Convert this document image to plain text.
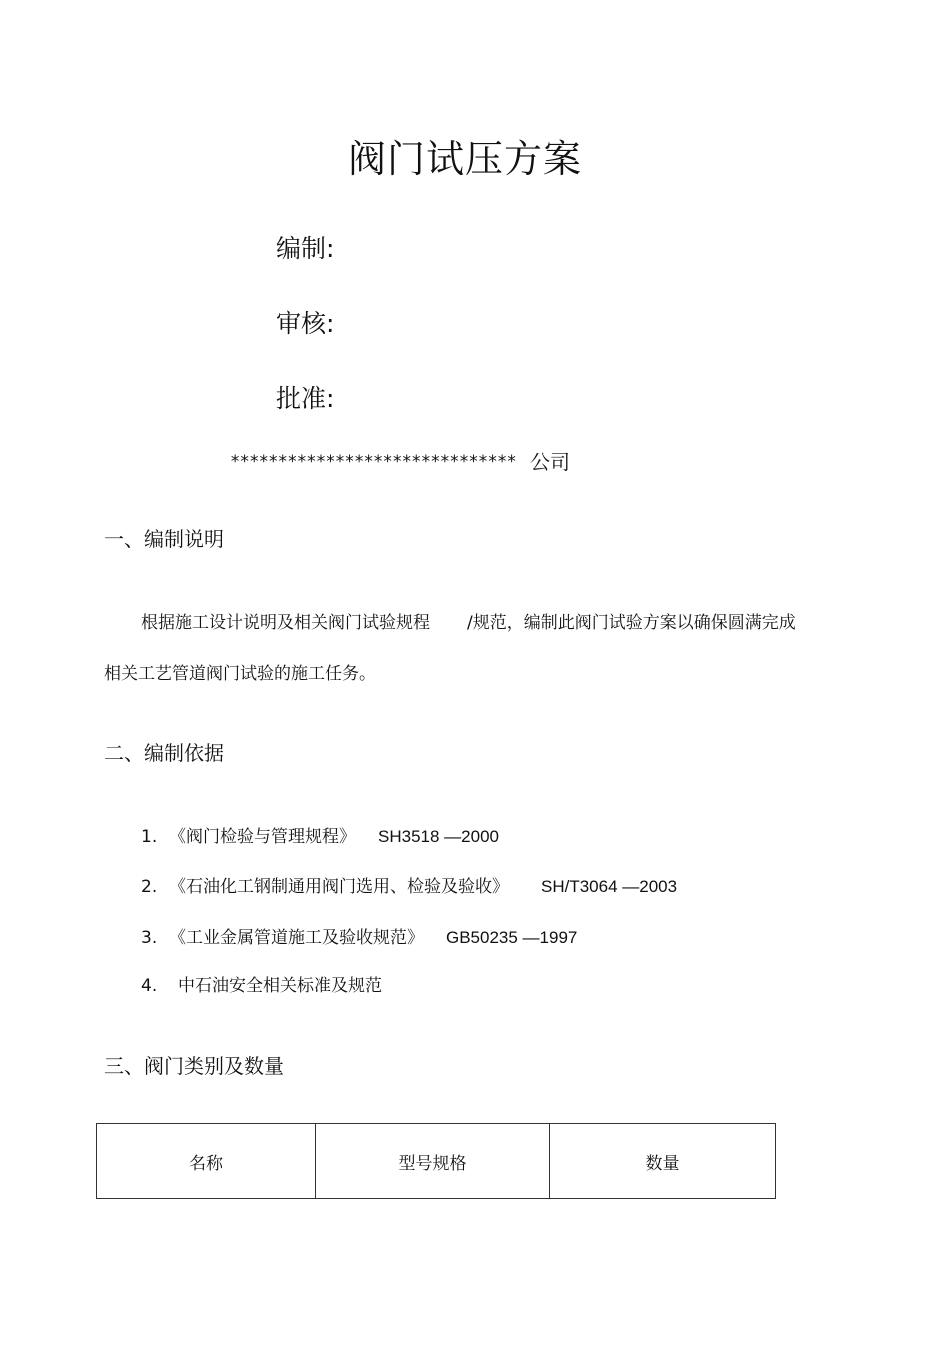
阀门试压方案
编制:
审核:
批准:
****************************** 公司
一、编制说明
根据施工设计说明及相关阀门试验规程 /规范，编制此阀门试验方案以确保圆满完成
相关工艺管道阀门试验的施工任务。
二、编制依据
1. 《阀门检验与管理规程》 SH3518 —2000
2. 《石油化工钢制通用阀门选用、检验及验收》 SH/T3064 —2003
3. 《工业金属管道施工及验收规范》 GB50235 —1997
4. 中石油安全相关标准及规范
三、阀门类别及数量
名称	型号规格	数量
